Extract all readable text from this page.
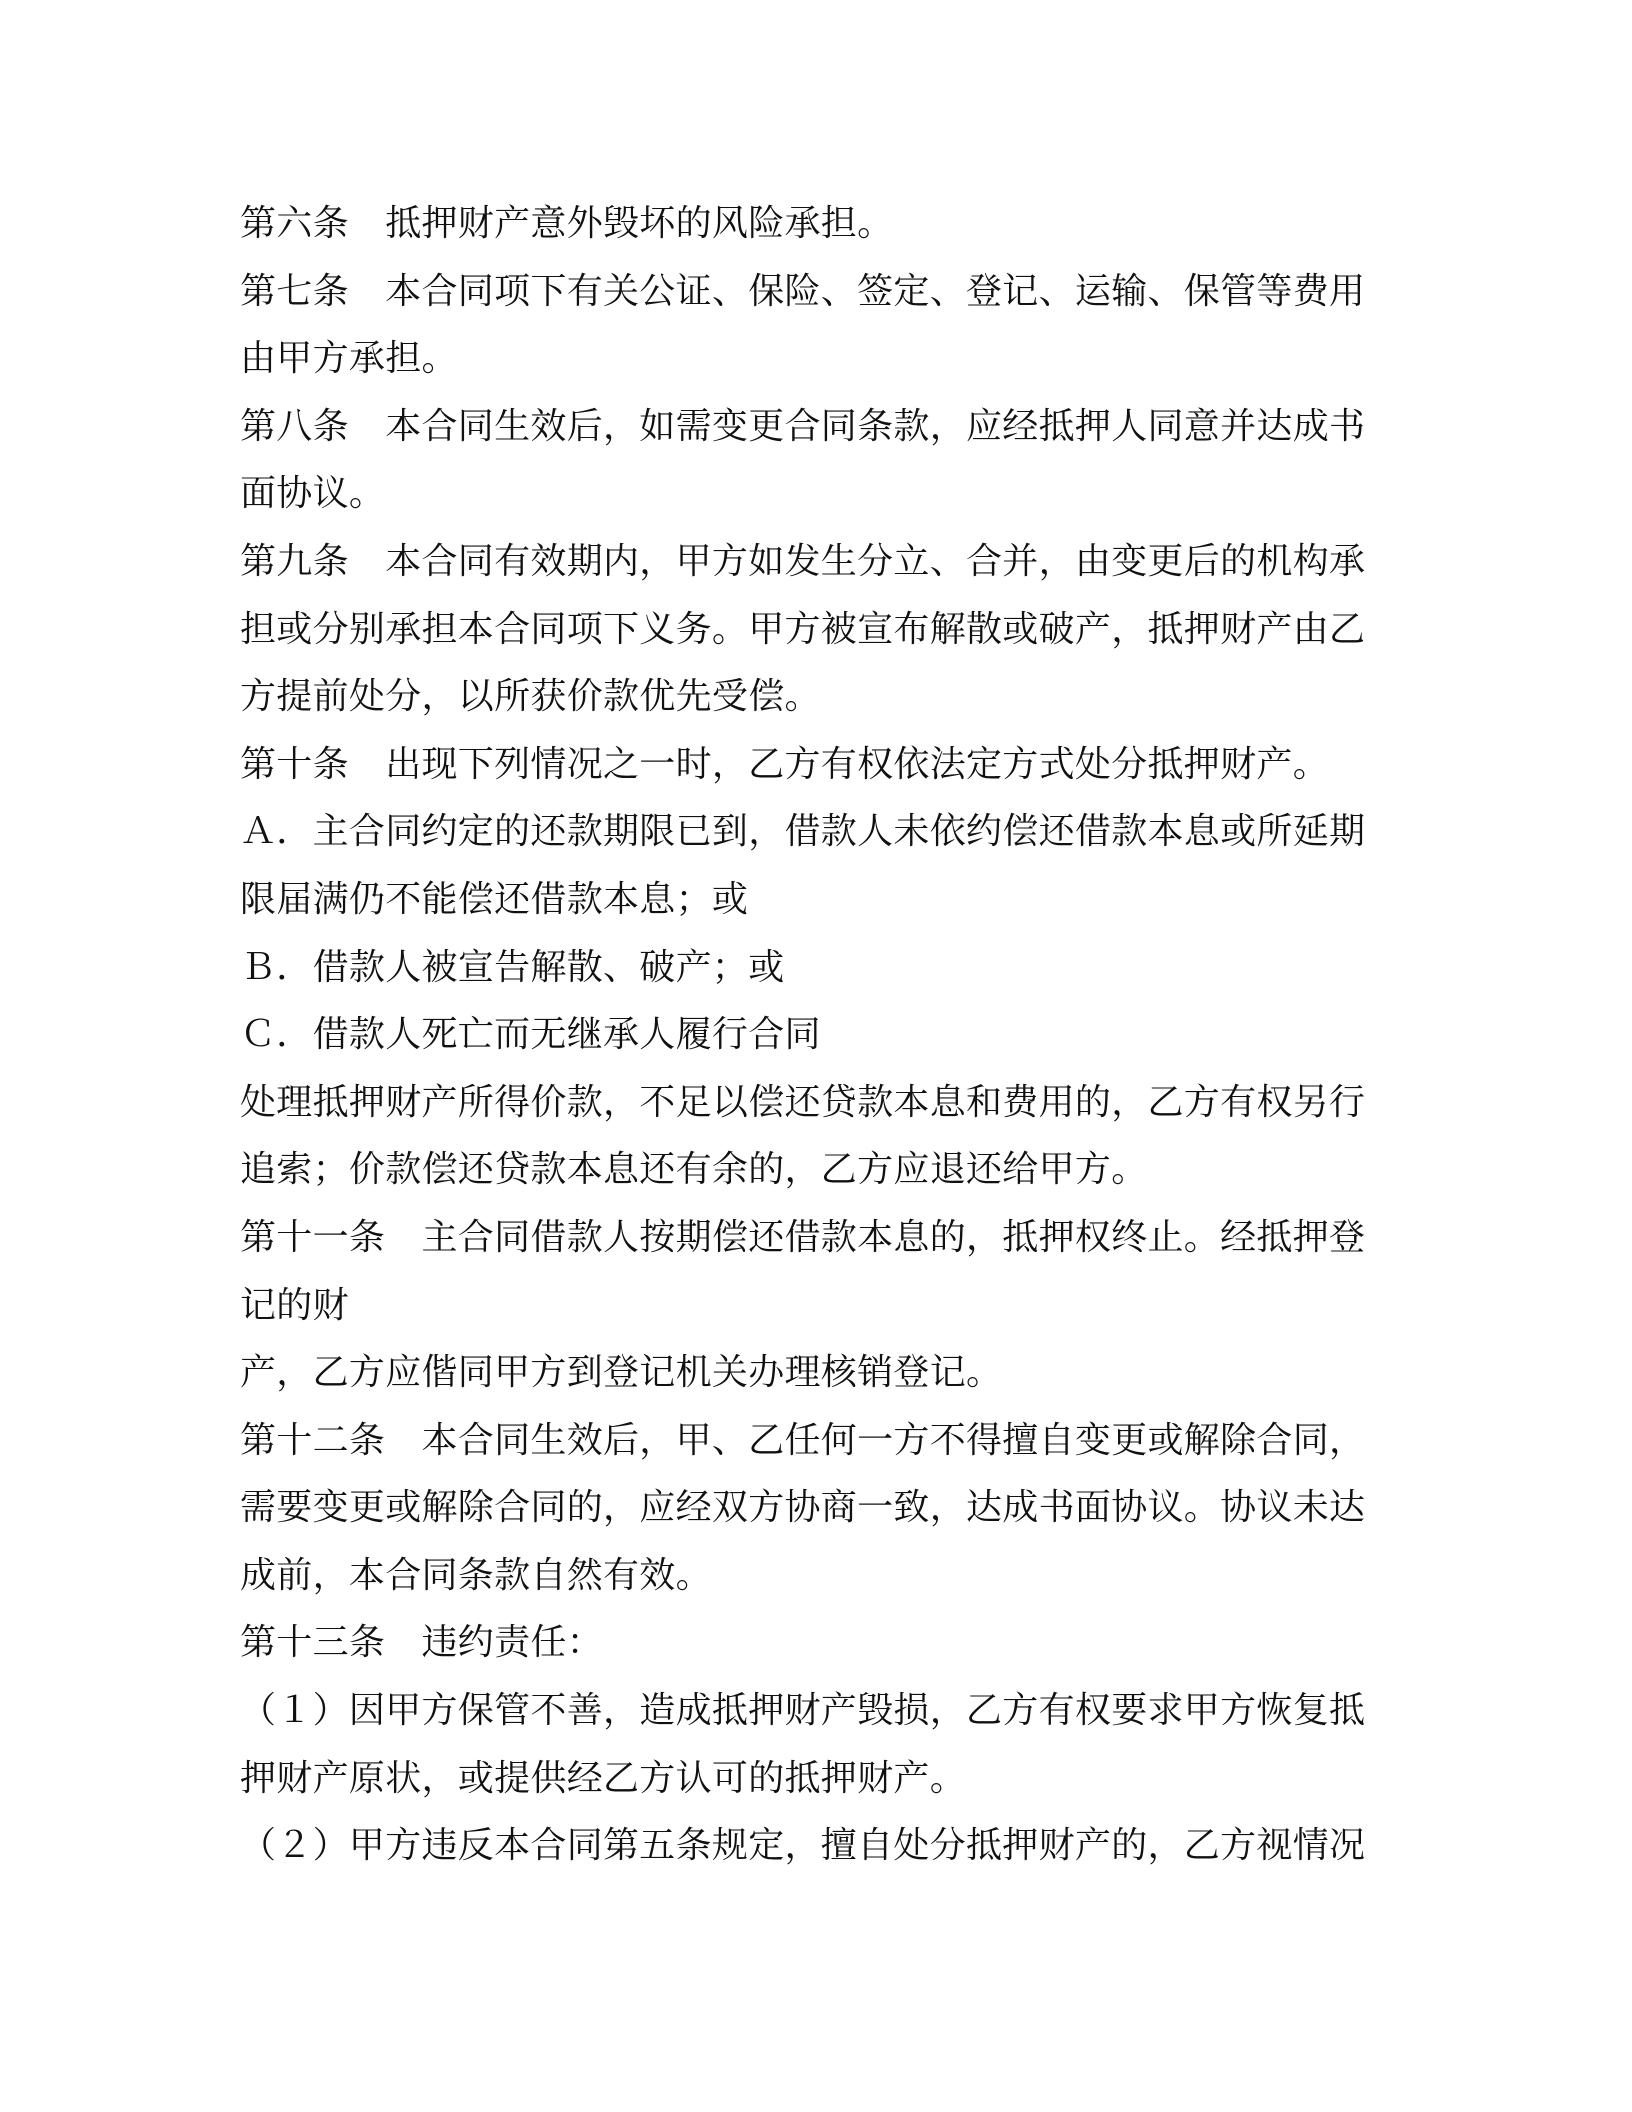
第六条　抵押财产意外毁坏的风险承担。
第七条　本合同项下有关公证、保险、签定、登记、运输、保管等费用
由甲方承担。
第八条　本合同生效后，如需变更合同条款，应经抵押人同意并达成书
面协议。
第九条　本合同有效期内，甲方如发生分立、合并，由变更后的机构承
担或分别承担本合同项下义务。甲方被宣布解散或破产，抵押财产由乙
方提前处分，以所获价款优先受偿。
第十条　出现下列情况之一时，乙方有权依法定方式处分抵押财产。
Ａ．主合同约定的还款期限已到，借款人未依约偿还借款本息或所延期
限届满仍不能偿还借款本息；或
Ｂ．借款人被宣告解散、破产；或
Ｃ．借款人死亡而无继承人履行合同
处理抵押财产所得价款，不足以偿还贷款本息和费用的，乙方有权另行
追索；价款偿还贷款本息还有余的，乙方应退还给甲方。
第十一条　主合同借款人按期偿还借款本息的，抵押权终止。经抵押登
记的财
产，乙方应偕同甲方到登记机关办理核销登记。
第十二条　本合同生效后，甲、乙任何一方不得擅自变更或解除合同，
需要变更或解除合同的，应经双方协商一致，达成书面协议。协议未达
成前，本合同条款自然有效。
第十三条　违约责任：
（１）因甲方保管不善，造成抵押财产毁损，乙方有权要求甲方恢复抵
押财产原状，或提供经乙方认可的抵押财产。
（２）甲方违反本合同第五条规定，擅自处分抵押财产的，乙方视情况
